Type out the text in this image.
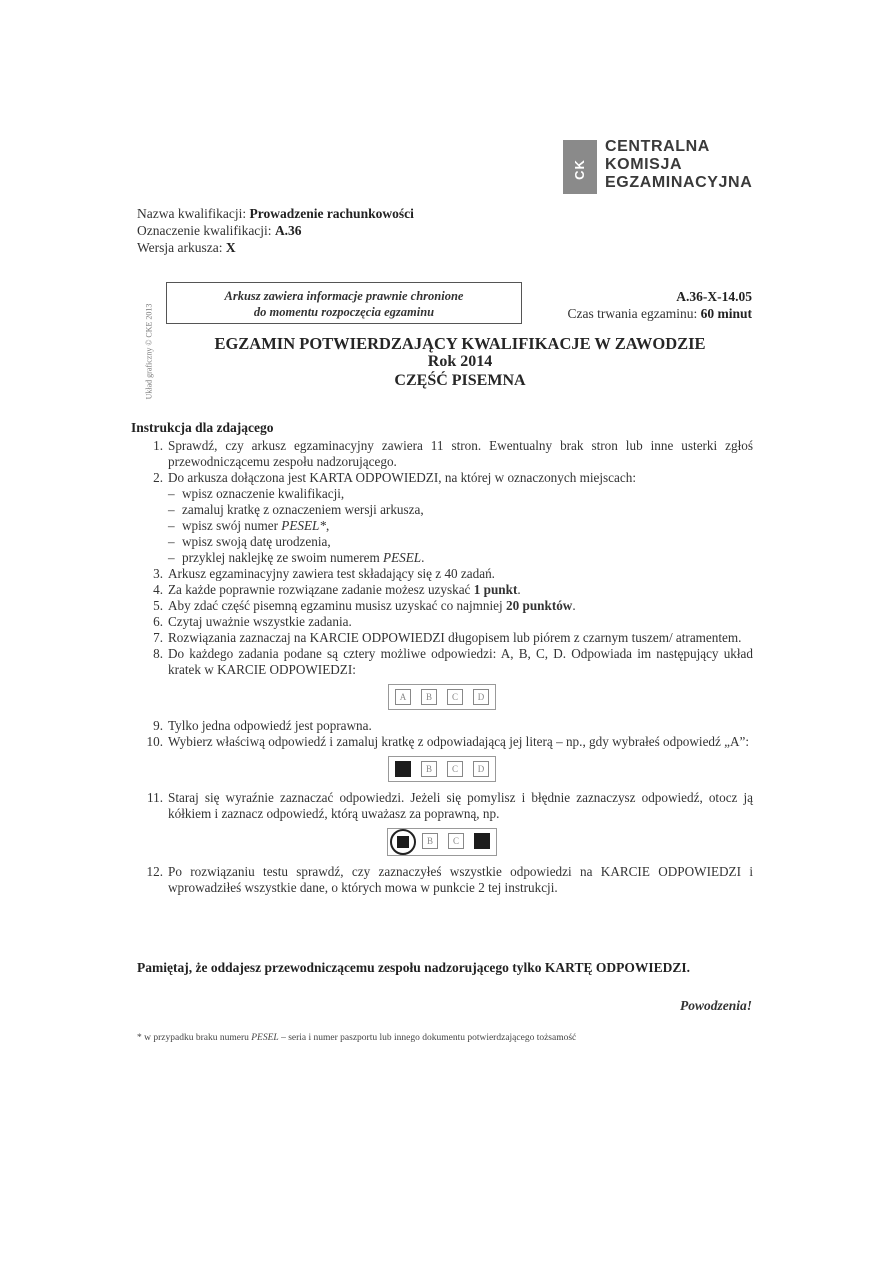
CK
CENTRALNA
KOMISJA
EGZAMINACYJNA
Nazwa kwalifikacji: Prowadzenie rachunkowości
Oznaczenie kwalifikacji: A.36
Wersja arkusza: X
Układ graficzny © CKE 2013
Arkusz zawiera informacje prawnie chronione
do momentu rozpoczęcia egzaminu
A.36-X-14.05
Czas trwania egzaminu: 60 minut
EGZAMIN POTWIERDZAJĄCY KWALIFIKACJE W ZAWODZIE
Rok 2014
CZĘŚĆ PISEMNA
Instrukcja dla zdającego
1. Sprawdź, czy arkusz egzaminacyjny zawiera 11 stron. Ewentualny brak stron lub inne usterki zgłoś przewodniczącemu zespołu nadzorującego.
2. Do arkusza dołączona jest KARTA ODPOWIEDZI, na której w oznaczonych miejscach:
– wpisz oznaczenie kwalifikacji,
– zamaluj kratkę z oznaczeniem wersji arkusza,
– wpisz swój numer PESEL*,
– wpisz swoją datę urodzenia,
– przyklej naklejkę ze swoim numerem PESEL.
3. Arkusz egzaminacyjny zawiera test składający się z 40 zadań.
4. Za każde poprawnie rozwiązane zadanie możesz uzyskać 1 punkt.
5. Aby zdać część pisemną egzaminu musisz uzyskać co najmniej 20 punktów.
6. Czytaj uważnie wszystkie zadania.
7. Rozwiązania zaznaczaj na KARCIE ODPOWIEDZI długopisem lub piórem z czarnym tuszem/ atramentem.
8. Do każdego zadania podane są cztery możliwe odpowiedzi: A, B, C, D. Odpowiada im następujący układ kratek w KARCIE ODPOWIEDZI:
A	B	C	D
9. Tylko jedna odpowiedź jest poprawna.
10. Wybierz właściwą odpowiedź i zamaluj kratkę z odpowiadającą jej literą – np., gdy wybrałeś odpowiedź „A”:
B	C	D
11. Staraj się wyraźnie zaznaczać odpowiedzi. Jeżeli się pomylisz i błędnie zaznaczysz odpowiedź, otocz ją kółkiem i zaznacz odpowiedź, którą uważasz za poprawną, np.
B	C
12. Po rozwiązaniu testu sprawdź, czy zaznaczyłeś wszystkie odpowiedzi na KARCIE ODPOWIEDZI i wprowadziłeś wszystkie dane, o których mowa w punkcie 2 tej instrukcji.
Pamiętaj, że oddajesz przewodniczącemu zespołu nadzorującego tylko KARTĘ ODPOWIEDZI.
Powodzenia!
* w przypadku braku numeru PESEL – seria i numer paszportu lub innego dokumentu potwierdzającego tożsamość
